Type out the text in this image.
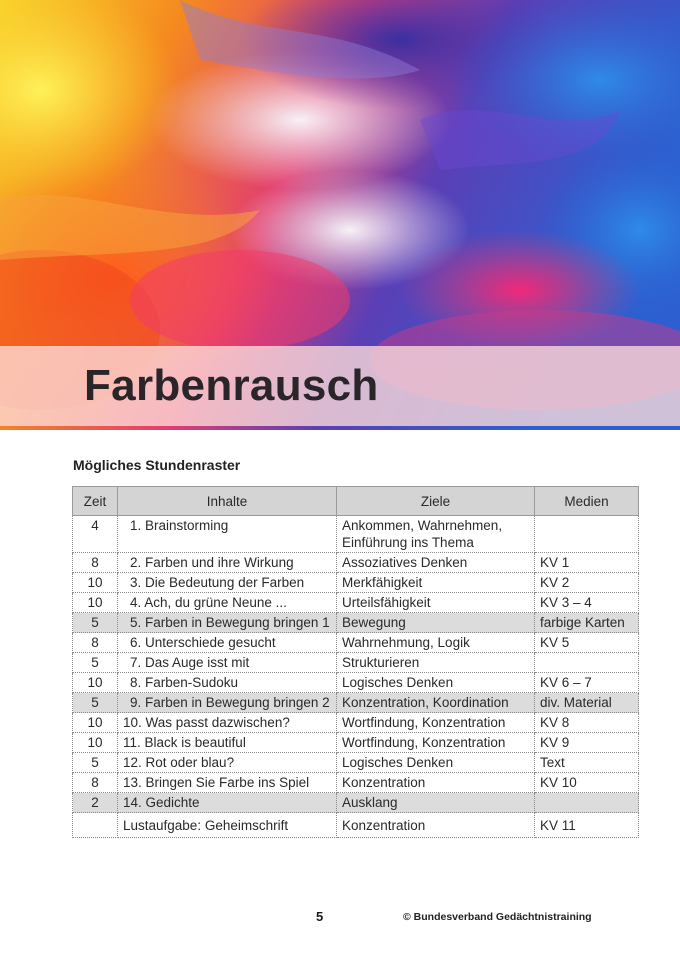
Farbenrausch
Mögliches Stundenraster
Zeit	Inhalte	Ziele	Medien
4	1. Brainstorming	Ankommen, Wahrnehmen, Einführung ins Thema	
8	2. Farben und ihre Wirkung	Assoziatives Denken	KV 1
10	3. Die Bedeutung der Farben	Merkfähigkeit	KV 2
10	4. Ach, du grüne Neune ...	Urteilsfähigkeit	KV 3 – 4
5	5. Farben in Bewegung bringen 1	Bewegung	farbige Karten
8	6. Unterschiede gesucht	Wahrnehmung, Logik	KV 5
5	7. Das Auge isst mit	Strukturieren	
10	8. Farben-Sudoku	Logisches Denken	KV 6 – 7
5	9. Farben in Bewegung bringen 2	Konzentration, Koordination	div. Material
10	10. Was passt dazwischen?	Wortfindung, Konzentration	KV 8
10	11. Black is beautiful	Wortfindung, Konzentration	KV 9
5	12. Rot oder blau?	Logisches Denken	Text
8	13. Bringen Sie Farbe ins Spiel	Konzentration	KV 10
2	14. Gedichte	Ausklang	
	Lustaufgabe: Geheimschrift	Konzentration	KV 11

5	© Bundesverband Gedächtnistraining
